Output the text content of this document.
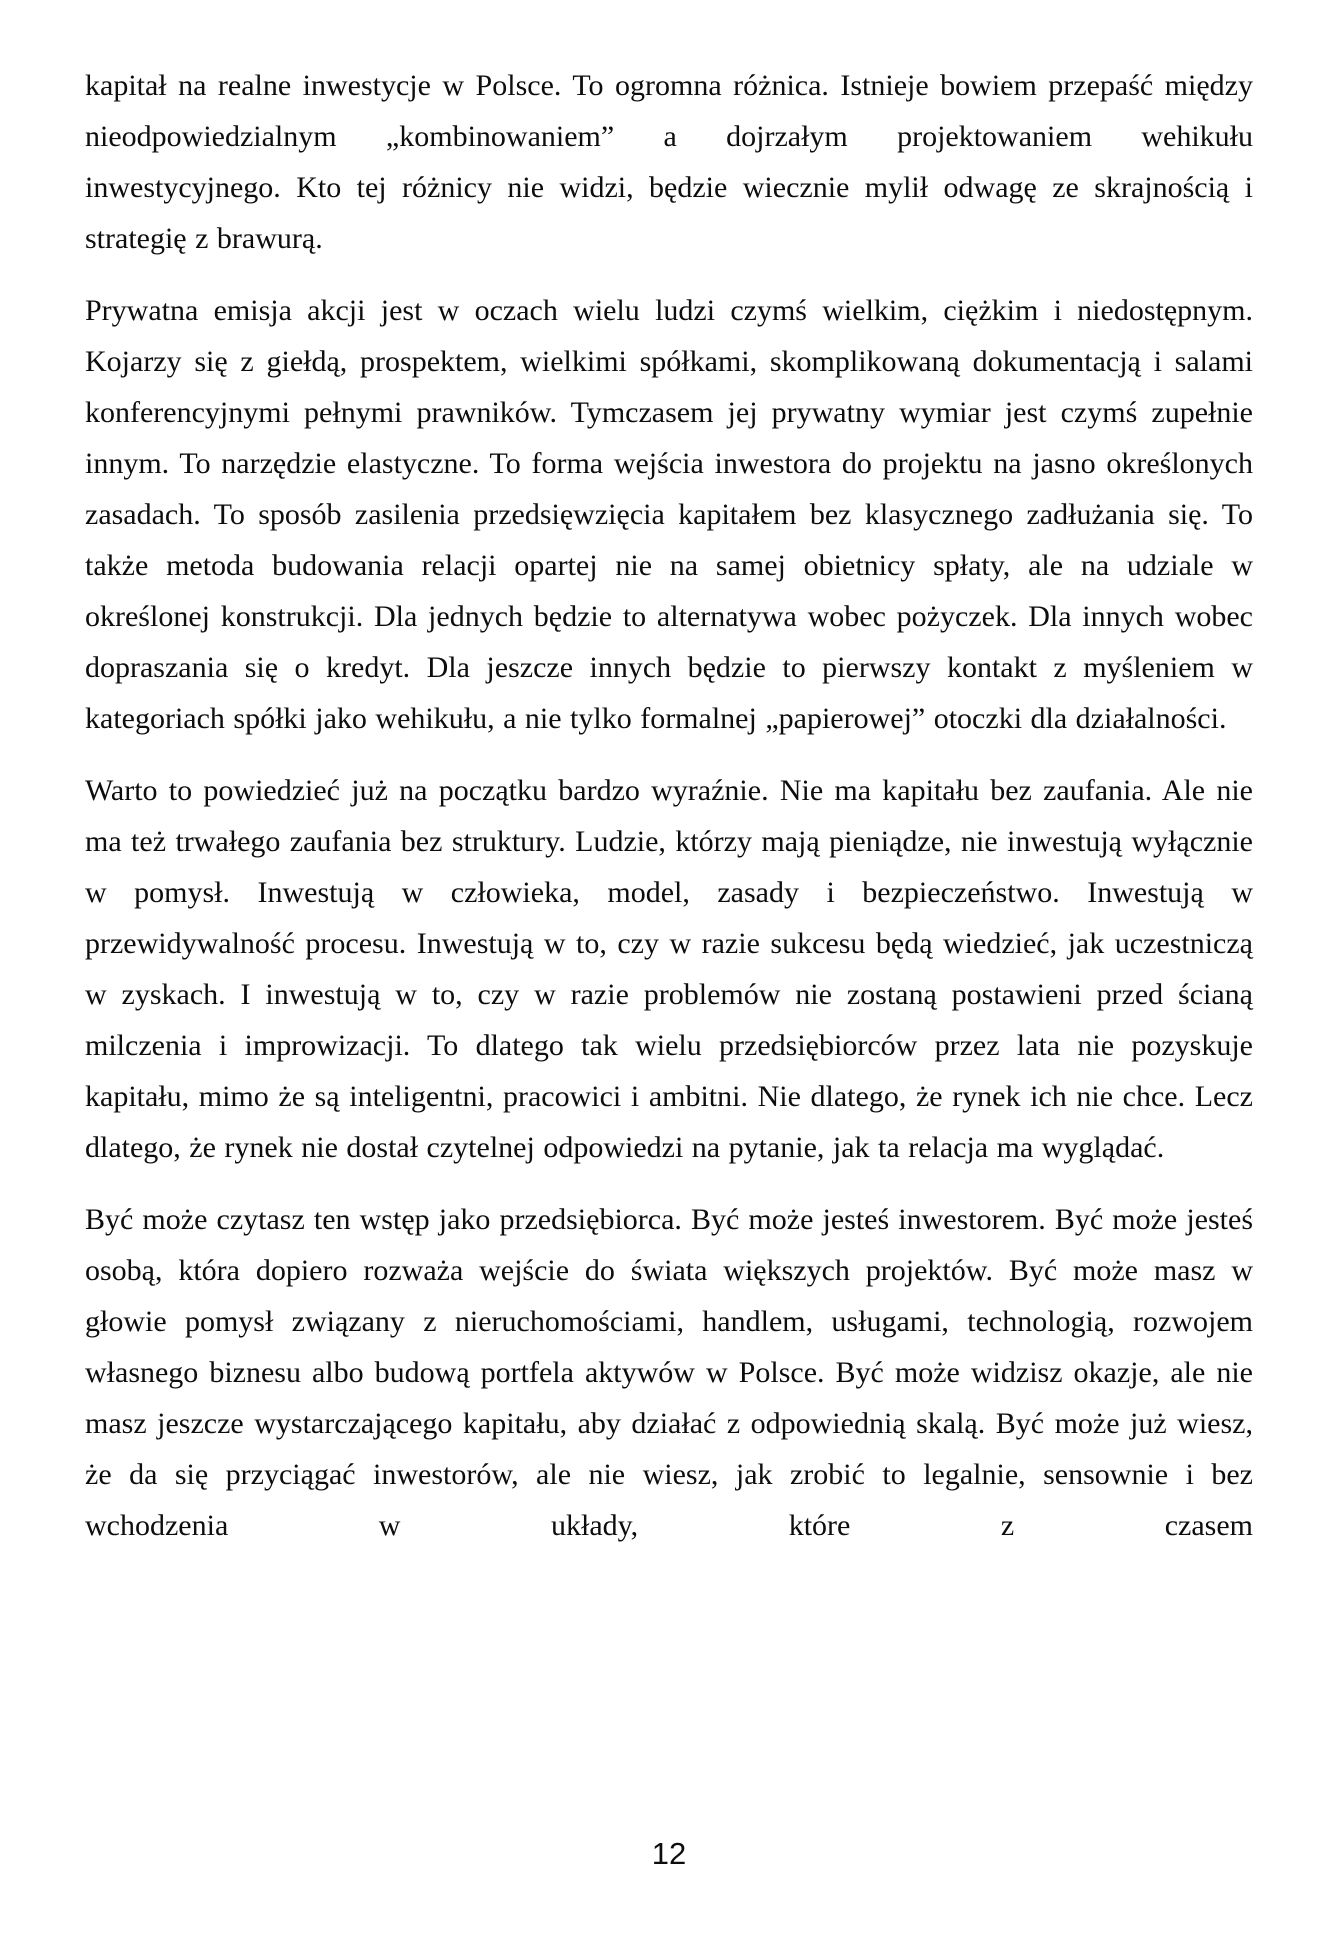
kapitał na realne inwestycje w Polsce. To ogromna różnica. Istnieje bowiem przepaść między nieodpowiedzialnym „kombinowaniem” a dojrzałym projektowaniem wehikułu inwestycyjnego. Kto tej różnicy nie widzi, będzie wiecznie mylił odwagę ze skrajnością i strategię z brawurą.

Prywatna emisja akcji jest w oczach wielu ludzi czymś wielkim, ciężkim i niedostępnym. Kojarzy się z giełdą, prospektem, wielkimi spółkami, skomplikowaną dokumentacją i salami konferencyjnymi pełnymi prawników. Tymczasem jej prywatny wymiar jest czymś zupełnie innym. To narzędzie elastyczne. To forma wejścia inwestora do projektu na jasno określonych zasadach. To sposób zasilenia przedsięwzięcia kapitałem bez klasycznego zadłużania się. To także metoda budowania relacji opartej nie na samej obietnicy spłaty, ale na udziale w określonej konstrukcji. Dla jednych będzie to alternatywa wobec pożyczek. Dla innych wobec dopraszania się o kredyt. Dla jeszcze innych będzie to pierwszy kontakt z myśleniem w kategoriach spółki jako wehikułu, a nie tylko formalnej „papierowej” otoczki dla działalności.

Warto to powiedzieć już na początku bardzo wyraźnie. Nie ma kapitału bez zaufania. Ale nie ma też trwałego zaufania bez struktury. Ludzie, którzy mają pieniądze, nie inwestują wyłącznie w pomysł. Inwestują w człowieka, model, zasady i bezpieczeństwo. Inwestują w przewidywalność procesu. Inwestują w to, czy w razie sukcesu będą wiedzieć, jak uczestniczą w zyskach. I inwestują w to, czy w razie problemów nie zostaną postawieni przed ścianą milczenia i improwizacji. To dlatego tak wielu przedsiębiorców przez lata nie pozyskuje kapitału, mimo że są inteligentni, pracowici i ambitni. Nie dlatego, że rynek ich nie chce. Lecz dlatego, że rynek nie dostał czytelnej odpowiedzi na pytanie, jak ta relacja ma wyglądać.

Być może czytasz ten wstęp jako przedsiębiorca. Być może jesteś inwestorem. Być może jesteś osobą, która dopiero rozważa wejście do świata większych projektów. Być może masz w głowie pomysł związany z nieruchomościami, handlem, usługami, technologią, rozwojem własnego biznesu albo budową portfela aktywów w Polsce. Być może widzisz okazje, ale nie masz jeszcze wystarczającego kapitału, aby działać z odpowiednią skalą. Być może już wiesz, że da się przyciągać inwestorów, ale nie wiesz, jak zrobić to legalnie, sensownie i bez wchodzenia w układy, które z czasem

12
